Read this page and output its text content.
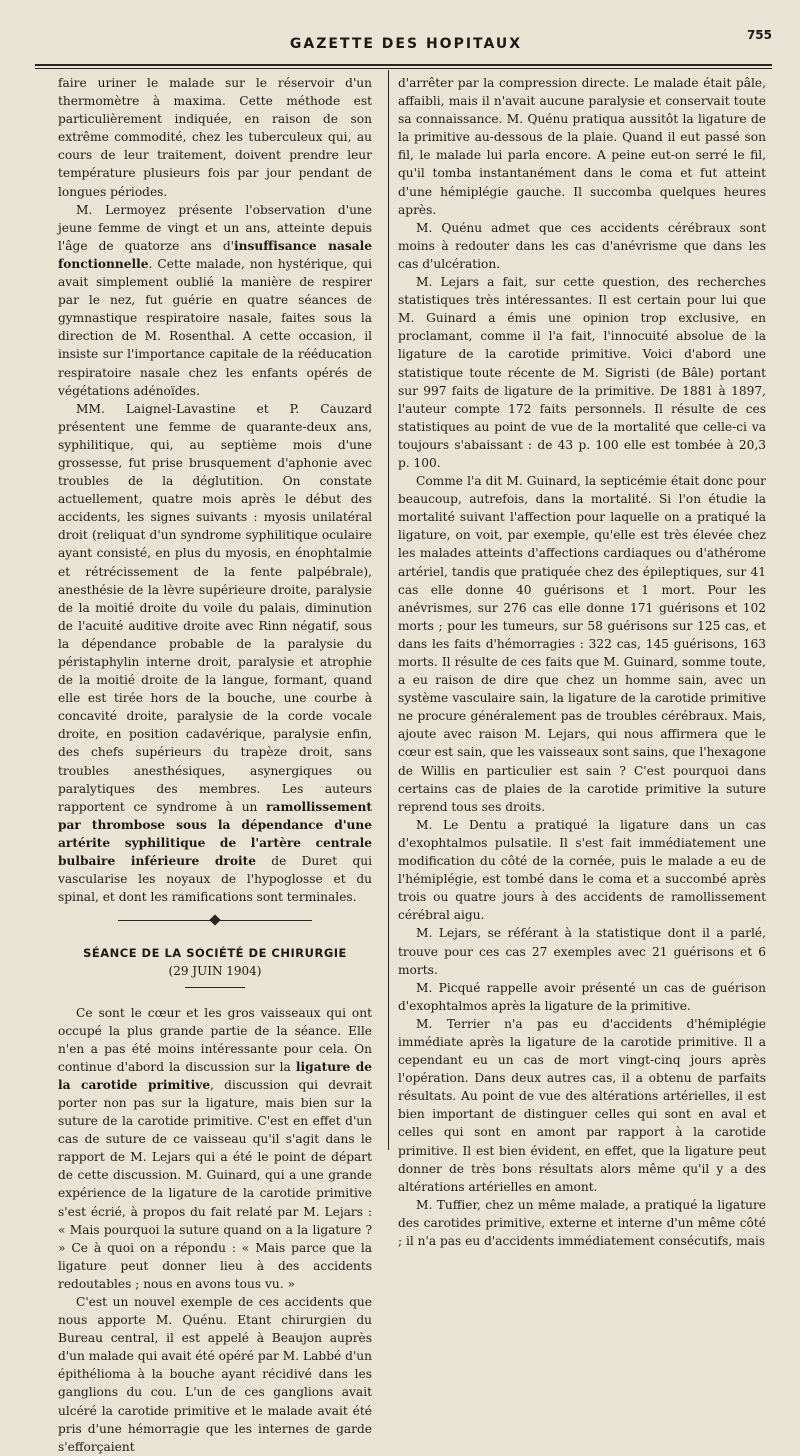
GAZETTE DES HOPITAUX
755

faire uriner le malade sur le réservoir d'un thermomètre à maxima. Cette méthode est particulièrement indiquée, en raison de son extrême commodité, chez les tuberculeux qui, au cours de leur traitement, doivent prendre leur température plusieurs fois par jour pendant de longues périodes.

M. Lermoyez présente l'observation d'une jeune femme de vingt et un ans, atteinte depuis l'âge de quatorze ans d'insuffisance nasale fonctionnelle. Cette malade, non hystérique, qui avait simplement oublié la manière de respirer par le nez, fut guérie en quatre séances de gymnastique respiratoire nasale, faites sous la direction de M. Rosenthal. A cette occasion, il insiste sur l'importance capitale de la rééducation respiratoire nasale chez les enfants opérés de végétations adénoïdes.

MM. Laignel-Lavastine et P. Cauzard présentent une femme de quarante-deux ans, syphilitique, qui, au septième mois d'une grossesse, fut prise brusquement d'aphonie avec troubles de la déglutition. On constate actuellement, quatre mois après le début des accidents, les signes suivants : myosis unilatéral droit (reliquat d'un syndrome syphilitique oculaire ayant consisté, en plus du myosis, en énophtalmie et rétrécissement de la fente palpébrale), anesthésie de la lèvre supérieure droite, paralysie de la moitié droite du voile du palais, diminution de l'acuité auditive droite avec Rinn négatif, sous la dépendance probable de la paralysie du péristaphylin interne droit, paralysie et atrophie de la moitié droite de la langue, formant, quand elle est tirée hors de la bouche, une courbe à concavité droite, paralysie de la corde vocale droite, en position cadavérique, paralysie enfin, des chefs supérieurs du trapèze droit, sans troubles anesthésiques, asynergiques ou paralytiques des membres. Les auteurs rapportent ce syndrome à un ramollissement par thrombose sous la dépendance d'une artérite syphilitique de l'artère centrale bulbaire inférieure droite de Duret qui vascularise les noyaux de l'hypoglosse et du spinal, et dont les ramifications sont terminales.

SÉANCE DE LA SOCIÉTÉ DE CHIRURGIE
(29 JUIN 1904)

Ce sont le cœur et les gros vaisseaux qui ont occupé la plus grande partie de la séance. Elle n'en a pas été moins intéressante pour cela. On continue d'abord la discussion sur la ligature de la carotide primitive, discussion qui devrait porter non pas sur la ligature, mais bien sur la suture de la carotide primitive. C'est en effet d'un cas de suture de ce vaisseau qu'il s'agit dans le rapport de M. Lejars qui a été le point de départ de cette discussion. M. Guinard, qui a une grande expérience de la ligature de la carotide primitive s'est écrié, à propos du fait relaté par M. Lejars : « Mais pourquoi la suture quand on a la ligature ? » Ce à quoi on a répondu : « Mais parce que la ligature peut donner lieu à des accidents redoutables ; nous en avons tous vu. »

C'est un nouvel exemple de ces accidents que nous apporte M. Quénu. Etant chirurgien du Bureau central, il est appelé à Beaujon auprès d'un malade qui avait été opéré par M. Labbé d'un épithélioma à la bouche ayant récidivé dans les ganglions du cou. L'un de ces ganglions avait ulcéré la carotide primitive et le malade avait été pris d'une hémorragie que les internes de garde s'efforçaient

d'arrêter par la compression directe. Le malade était pâle, affaibli, mais il n'avait aucune paralysie et conservait toute sa connaissance. M. Quénu pratiqua aussitôt la ligature de la primitive au-dessous de la plaie. Quand il eut passé son fil, le malade lui parla encore. A peine eut-on serré le fil, qu'il tomba instantanément dans le coma et fut atteint d'une hémiplégie gauche. Il succomba quelques heures après.

M. Quénu admet que ces accidents cérébraux sont moins à redouter dans les cas d'anévrisme que dans les cas d'ulcération.

M. Lejars a fait, sur cette question, des recherches statistiques très intéressantes. Il est certain pour lui que M. Guinard a émis une opinion trop exclusive, en proclamant, comme il l'a fait, l'innocuité absolue de la ligature de la carotide primitive. Voici d'abord une statistique toute récente de M. Sigristi (de Bâle) portant sur 997 faits de ligature de la primitive. De 1881 à 1897, l'auteur compte 172 faits personnels. Il résulte de ces statistiques au point de vue de la mortalité que celle-ci va toujours s'abaissant : de 43 p. 100 elle est tombée à 20,3 p. 100.

Comme l'a dit M. Guinard, la septicémie était donc pour beaucoup, autrefois, dans la mortalité. Si l'on étudie la mortalité suivant l'affection pour laquelle on a pratiqué la ligature, on voit, par exemple, qu'elle est très élevée chez les malades atteints d'affections cardiaques ou d'athérome artériel, tandis que pratiquée chez des épileptiques, sur 41 cas elle donne 40 guérisons et 1 mort. Pour les anévrismes, sur 276 cas elle donne 171 guérisons et 102 morts ; pour les tumeurs, sur 58 guérisons sur 125 cas, et dans les faits d'hémorragies : 322 cas, 145 guérisons, 163 morts. Il résulte de ces faits que M. Guinard, somme toute, a eu raison de dire que chez un homme sain, avec un système vasculaire sain, la ligature de la carotide primitive ne procure généralement pas de troubles cérébraux. Mais, ajoute avec raison M. Lejars, qui nous affirmera que le cœur est sain, que les vaisseaux sont sains, que l'hexagone de Willis en particulier est sain ? C'est pourquoi dans certains cas de plaies de la carotide primitive la suture reprend tous ses droits.

M. Le Dentu a pratiqué la ligature dans un cas d'exophtalmos pulsatile. Il s'est fait immédiatement une modification du côté de la cornée, puis le malade a eu de l'hémiplégie, est tombé dans le coma et a succombé après trois ou quatre jours à des accidents de ramollissement cérébral aigu.

M. Lejars, se référant à la statistique dont il a parlé, trouve pour ces cas 27 exemples avec 21 guérisons et 6 morts.

M. Picqué rappelle avoir présenté un cas de guérison d'exophtalmos après la ligature de la primitive.

M. Terrier n'a pas eu d'accidents d'hémiplégie immédiate après la ligature de la carotide primitive. Il a cependant eu un cas de mort vingt-cinq jours après l'opération. Dans deux autres cas, il a obtenu de parfaits résultats. Au point de vue des altérations artérielles, il est bien important de distinguer celles qui sont en aval et celles qui sont en amont par rapport à la carotide primitive. Il est bien évident, en effet, que la ligature peut donner de très bons résultats alors même qu'il y a des altérations artérielles en amont.

M. Tuffier, chez un même malade, a pratiqué la ligature des carotides primitive, externe et interne d'un même côté ; il n'a pas eu d'accidents immédiatement consécutifs, mais
